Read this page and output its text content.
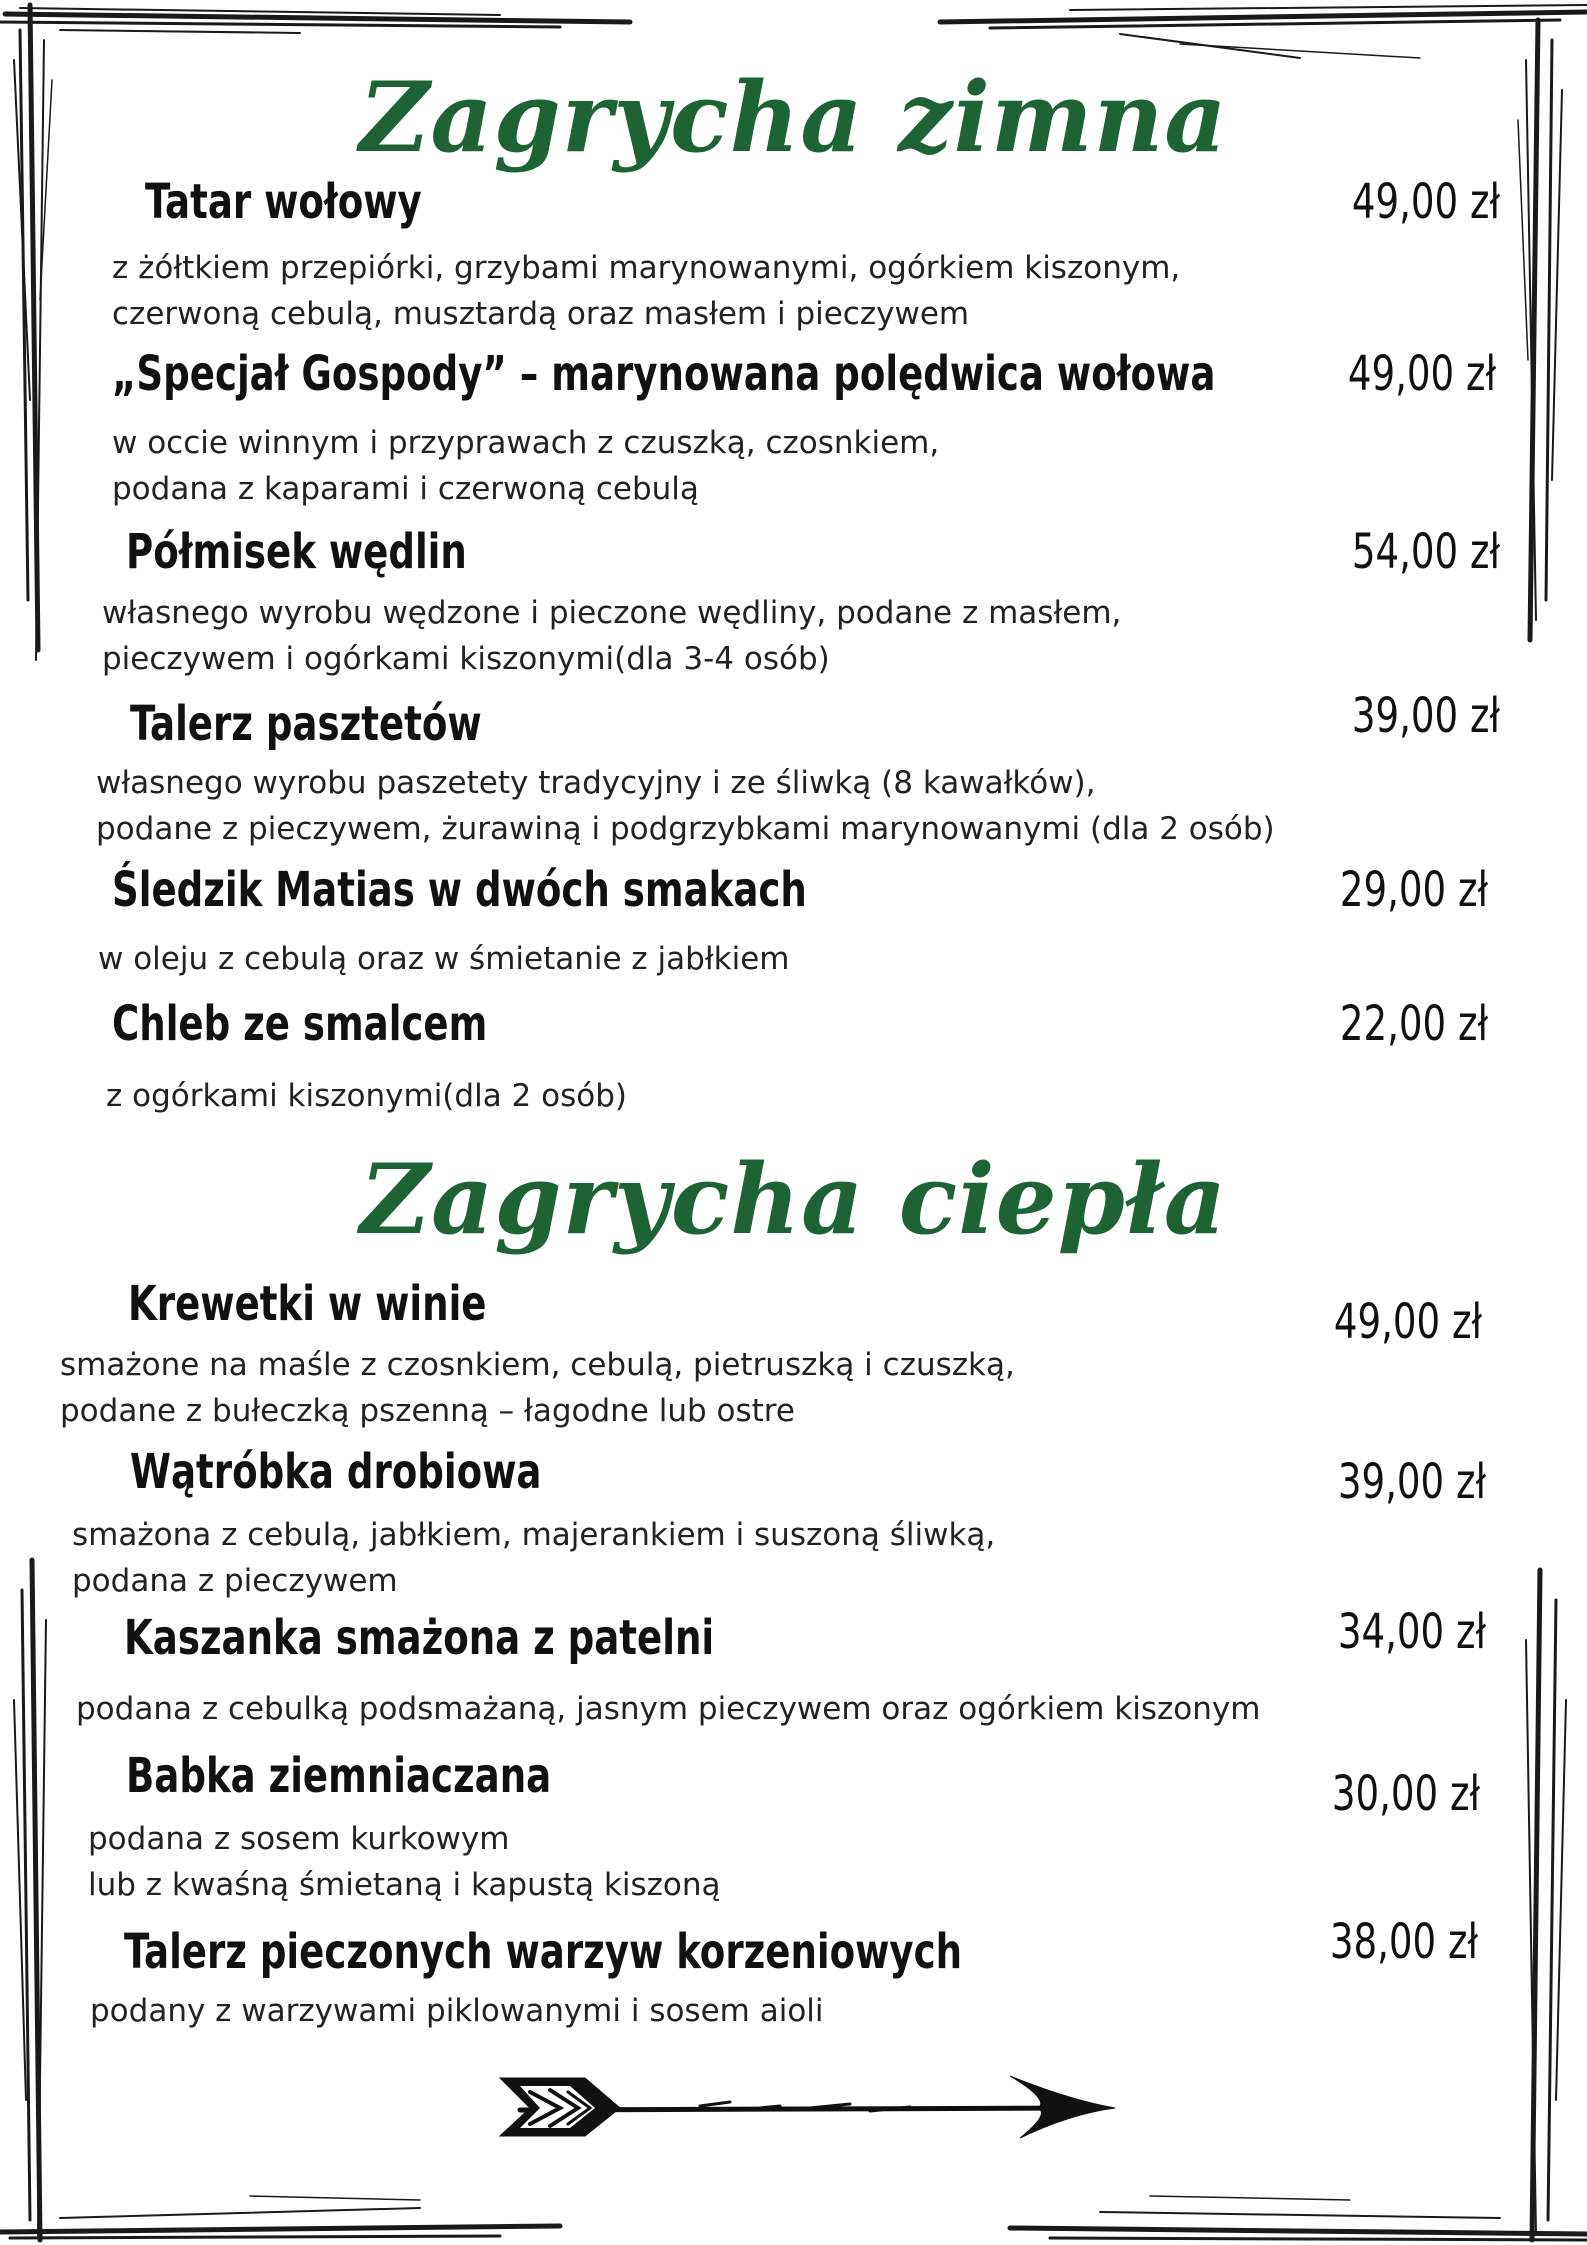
Zagrycha zimna
Tatar wołowy	49,00 zł
z żółtkiem przepiórki, grzybami marynowanymi, ogórkiem kiszonym,
czerwoną cebulą, musztardą oraz masłem i pieczywem
„Specjał Gospody” – marynowana polędwica wołowa	49,00 zł
w occie winnym i przyprawach z czuszką, czosnkiem,
podana z kaparami i czerwoną cebulą
Półmisek wędlin	54,00 zł
własnego wyrobu wędzone i pieczone wędliny, podane z masłem,
pieczywem i ogórkami kiszonymi(dla 3-4 osób)
Talerz pasztetów	39,00 zł
własnego wyrobu paszetety tradycyjny i ze śliwką (8 kawałków),
podane z pieczywem, żurawiną i podgrzybkami marynowanymi (dla 2 osób)
Śledzik Matias w dwóch smakach	29,00 zł
w oleju z cebulą oraz w śmietanie z jabłkiem
Chleb ze smalcem	22,00 zł
z ogórkami kiszonymi(dla 2 osób)
Zagrycha ciepła
Krewetki w winie	49,00 zł
smażone na maśle z czosnkiem, cebulą, pietruszką i czuszką,
podane z bułeczką pszenną – łagodne lub ostre
Wątróbka drobiowa	39,00 zł
smażona z cebulą, jabłkiem, majerankiem i suszoną śliwką,
podana z pieczywem
Kaszanka smażona z patelni	34,00 zł
podana z cebulką podsmażaną, jasnym pieczywem oraz ogórkiem kiszonym
Babka ziemniaczana	30,00 zł
podana z sosem kurkowym
lub z kwaśną śmietaną i kapustą kiszoną
Talerz pieczonych warzyw korzeniowych	38,00 zł
podany z warzywami piklowanymi i sosem aioli
